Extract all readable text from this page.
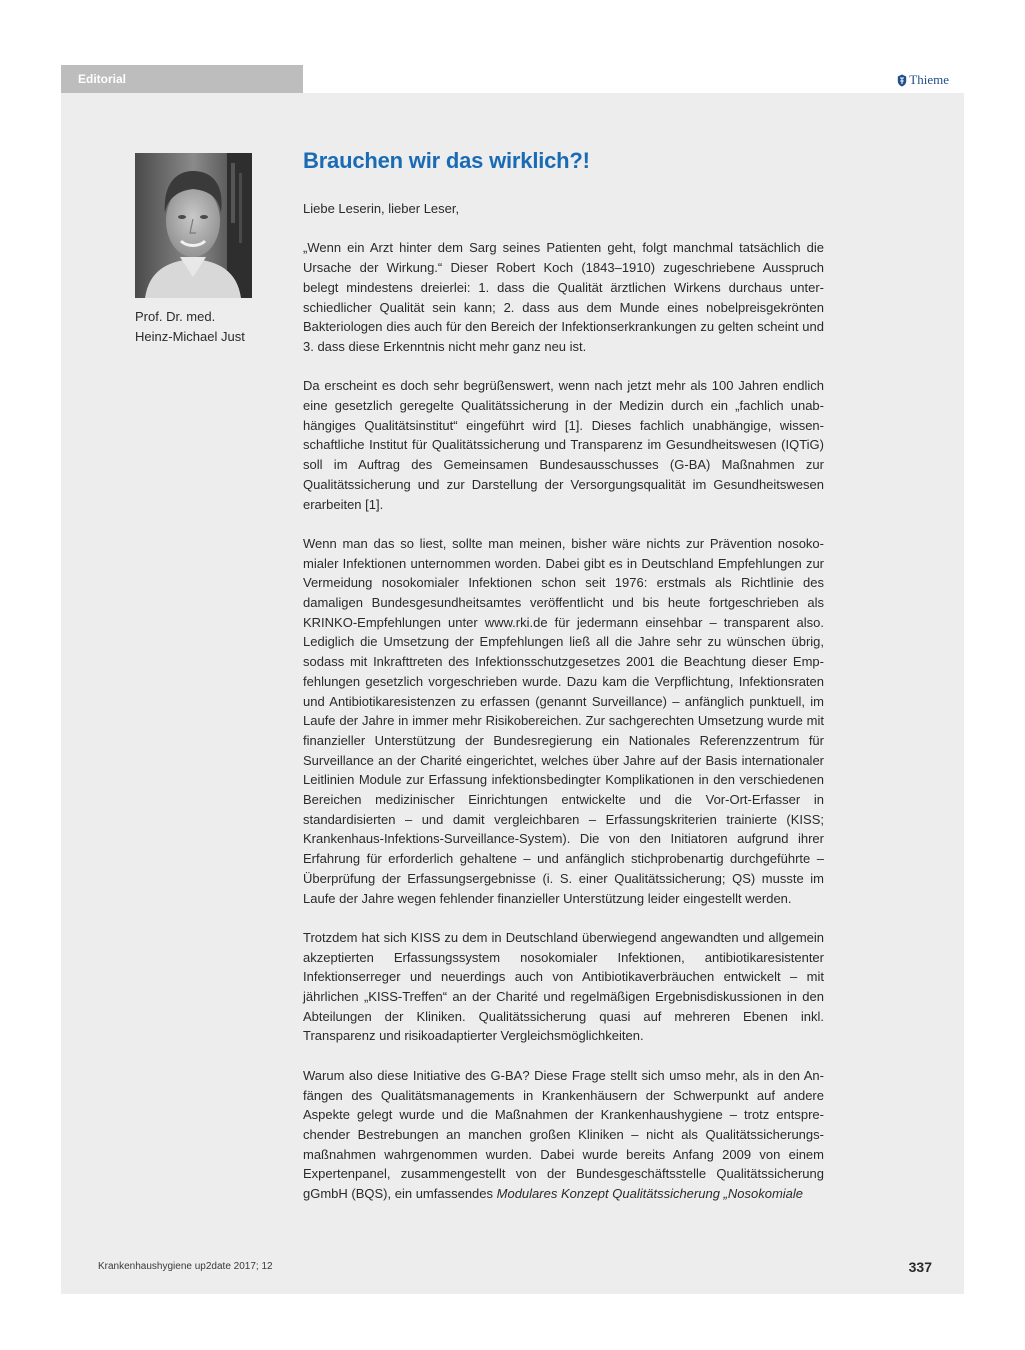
Editorial	Thieme
Prof. Dr. med.
Heinz-Michael Just
Brauchen wir das wirklich?!

Liebe Leserin, lieber Leser,

„Wenn ein Arzt hinter dem Sarg seines Patienten geht, folgt manchmal tatsächlich die Ursache der Wirkung.“ Dieser Robert Koch (1843–1910) zugeschriebene Ausspruch belegt mindestens dreierlei: 1. dass die Qualität ärztlichen Wirkens durchaus unterschiedlicher Qualität sein kann; 2. dass aus dem Munde eines nobelpreisgekrönten Bakteriologen dies auch für den Bereich der Infektionserkrankungen zu gelten scheint und 3. dass diese Erkenntnis nicht mehr ganz neu ist.

Da erscheint es doch sehr begrüßenswert, wenn nach jetzt mehr als 100 Jahren endlich eine gesetzlich geregelte Qualitätssicherung in der Medizin durch ein „fachlich unabhängiges Qualitätsinstitut“ eingeführt wird [1]. Dieses fachlich unabhängige, wissenschaftliche Institut für Qualitätssicherung und Transparenz im Gesundheitswesen (IQTiG) soll im Auftrag des Gemeinsamen Bundesausschusses (G-BA) Maßnahmen zur Qualitätssicherung und zur Darstellung der Versorgungsqualität im Gesundheitswesen erarbeiten [1].

Wenn man das so liest, sollte man meinen, bisher wäre nichts zur Prävention nosokomialer Infektionen unternommen worden. Dabei gibt es in Deutschland Empfehlungen zur Vermeidung nosokomialer Infektionen schon seit 1976: erstmals als Richtlinie des damaligen Bundesgesundheitsamtes veröffentlicht und bis heute fortgeschrieben als KRINKO-Empfehlungen unter www.rki.de für jedermann einsehbar – transparent also. Lediglich die Umsetzung der Empfehlungen ließ all die Jahre sehr zu wünschen übrig, sodass mit Inkrafttreten des Infektionsschutzgesetzes 2001 die Beachtung dieser Empfehlungen gesetzlich vorgeschrieben wurde. Dazu kam die Verpflichtung, Infektionsraten und Antibiotikaresistenzen zu erfassen (genannt Surveillance) – anfänglich punktuell, im Laufe der Jahre in immer mehr Risikobereichen. Zur sachgerechten Umsetzung wurde mit finanzieller Unterstützung der Bundesregierung ein Nationales Referenzzentrum für Surveillance an der Charité eingerichtet, welches über Jahre auf der Basis internationaler Leitlinien Module zur Erfassung infektionsbedingter Komplikationen in den verschiedenen Bereichen medizinischer Einrichtungen entwickelte und die Vor-Ort-Erfasser in standardisierten – und damit vergleichbaren – Erfassungskriterien trainierte (KISS; Krankenhaus-Infektions-Surveillance-System). Die von den Initiatoren aufgrund ihrer Erfahrung für erforderlich gehaltene – und anfänglich stichprobenartig durchgeführte – Überprüfung der Erfassungsergebnisse (i. S. einer Qualitätssicherung; QS) musste im Laufe der Jahre wegen fehlender finanzieller Unterstützung leider eingestellt werden.

Trotzdem hat sich KISS zu dem in Deutschland überwiegend angewandten und allgemein akzeptierten Erfassungssystem nosokomialer Infektionen, antibiotikaresistenter Infektionserreger und neuerdings auch von Antibiotikaverbräuchen entwickelt – mit jährlichen „KISS-Treffen“ an der Charité und regelmäßigen Ergebnisdiskussionen in den Abteilungen der Kliniken. Qualitätssicherung quasi auf mehreren Ebenen inkl. Transparenz und risikoadaptierter Vergleichsmöglichkeiten.

Warum also diese Initiative des G-BA? Diese Frage stellt sich umso mehr, als in den Anfängen des Qualitätsmanagements in Krankenhäusern der Schwerpunkt auf andere Aspekte gelegt wurde und die Maßnahmen der Krankenhaushygiene – trotz entsprechender Bestrebungen an manchen großen Kliniken – nicht als Qualitätssicherungsmaßnahmen wahrgenommen wurden. Dabei wurde bereits Anfang 2009 von einem Expertenpanel, zusammengestellt von der Bundesgeschäftsstelle Qualitätssicherung gGmbH (BQS), ein umfassendes Modulares Konzept Qualitätssicherung „Nosokomiale

Krankenhaushygiene up2date 2017; 12	337
